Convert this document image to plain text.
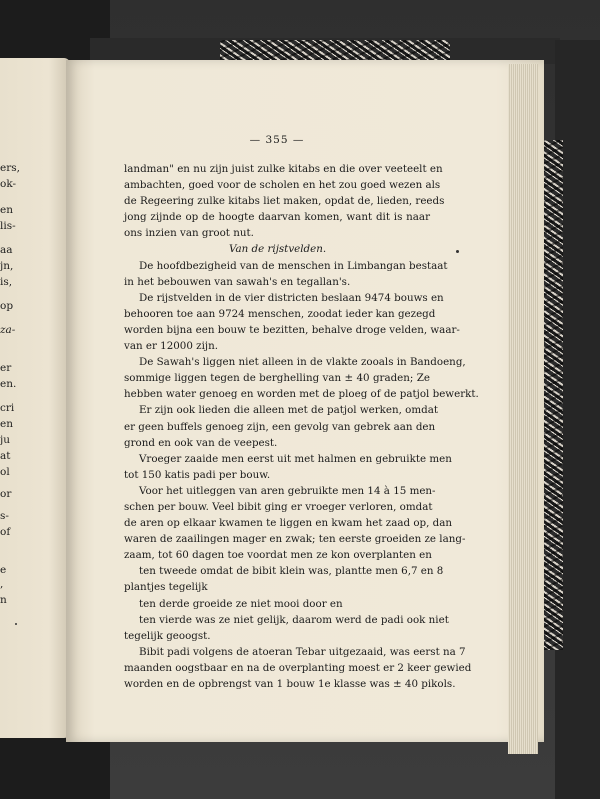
ers,
ok-
en
lis-
aa
jn,
is,
op
za-
er
en.
cri
en
ju
at
ol
or
s-
of
e
,
n
— 355 —
landman" en nu zijn juist zulke kitabs en die over veeteelt en
ambachten, goed voor de scholen en het zou goed wezen als
de Regeering zulke kitabs liet maken, opdat de, lieden, reeds
jong zijnde op de hoogte daarvan komen, want dit is naar
ons inzien van groot nut.
Van de rijstvelden.
De hoofdbezigheid van de menschen in Limbangan bestaat
in het bebouwen van sawah's en tegallan's.
De rijstvelden in de vier districten beslaan 9474 bouws en
behooren toe aan 9724 menschen, zoodat ieder kan gezegd
worden bijna een bouw te bezitten, behalve droge velden, waar-
van er 12000 zijn.
De Sawah's liggen niet alleen in de vlakte zooals in Bandoeng,
sommige liggen tegen de berghelling van ± 40 graden; Ze
hebben water genoeg en worden met de ploeg of de patjol bewerkt.
Er zijn ook lieden die alleen met de patjol werken, omdat
er geen buffels genoeg zijn, een gevolg van gebrek aan den
grond en ook van de veepest.
Vroeger zaaide men eerst uit met halmen en gebruikte men
tot 150 katis padi per bouw.
Voor het uitleggen van aren gebruikte men 14 à 15 men-
schen per bouw. Veel bibit ging er vroeger verloren, omdat
de aren op elkaar kwamen te liggen en kwam het zaad op, dan
waren de zaailingen mager en zwak; ten eerste groeiden ze lang-
zaam, tot 60 dagen toe voordat men ze kon overplanten en
ten tweede omdat de bibit klein was, plantte men 6,7 en 8
plantjes tegelijk
ten derde groeide ze niet mooi door en
ten vierde was ze niet gelijk, daarom werd de padi ook niet
tegelijk geoogst.
Bibit padi volgens de atoeran Tebar uitgezaaid, was eerst na 7
maanden oogstbaar en na de overplanting moest er 2 keer gewied
worden en de opbrengst van 1 bouw 1e klasse was ± 40 pikols.
